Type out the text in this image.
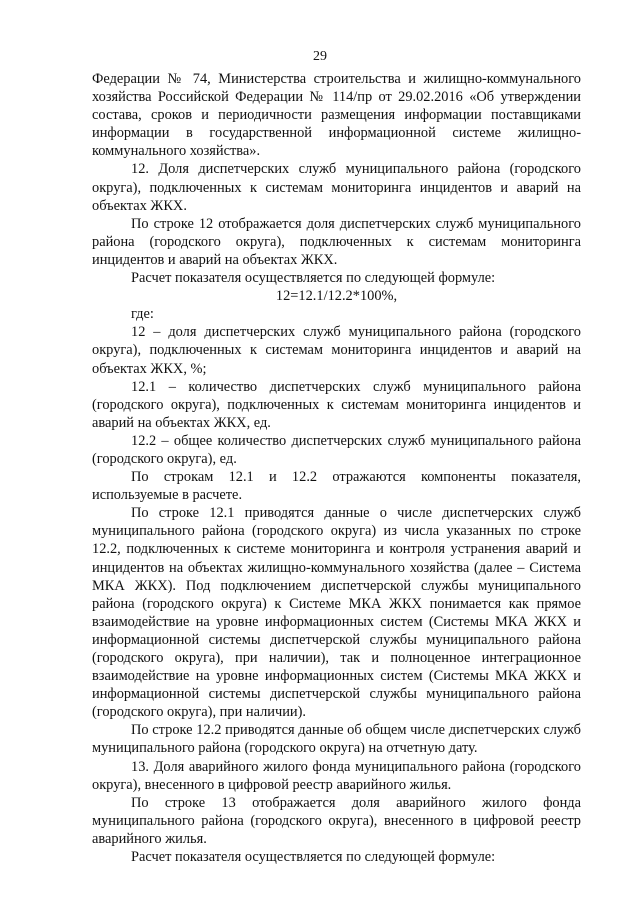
29

Федерации № 74, Министерства строительства и жилищно-коммунального хозяйства Российской Федерации № 114/пр от 29.02.2016 «Об утверждении состава, сроков и периодичности размещения информации поставщиками информации в государственной информационной системе жилищно-коммунального хозяйства».

12. Доля диспетчерских служб муниципального района (городского округа), подключенных к системам мониторинга инцидентов и аварий на объектах ЖКХ.

По строке 12 отображается доля диспетчерских служб муниципального района (городского округа), подключенных к системам мониторинга инцидентов и аварий на объектах ЖКХ.

Расчет показателя осуществляется по следующей формуле:

12=12.1/12.2*100%,

где:

12 – доля диспетчерских служб муниципального района (городского округа), подключенных к системам мониторинга инцидентов и аварий на объектах ЖКХ, %;

12.1 – количество диспетчерских служб муниципального района (городского округа), подключенных к системам мониторинга инцидентов и аварий на объектах ЖКХ, ед.

12.2 – общее количество диспетчерских служб муниципального района (городского округа), ед.

По строкам 12.1 и 12.2 отражаются компоненты показателя, используемые в расчете.

По строке 12.1 приводятся данные о числе диспетчерских служб муниципального района (городского округа) из числа указанных по строке 12.2, подключенных к системе мониторинга и контроля устранения аварий и инцидентов на объектах жилищно-коммунального хозяйства (далее – Система МКА ЖКХ). Под подключением диспетчерской службы муниципального района (городского округа) к Системе МКА ЖКХ понимается как прямое взаимодействие на уровне информационных систем (Системы МКА ЖКХ и информационной системы диспетчерской службы муниципального района (городского округа), при наличии), так и полноценное интеграционное взаимодействие на уровне информационных систем (Системы МКА ЖКХ и информационной системы диспетчерской службы муниципального района (городского округа), при наличии).

По строке 12.2 приводятся данные об общем числе диспетчерских служб муниципального района (городского округа) на отчетную дату.

13. Доля аварийного жилого фонда муниципального района (городского округа), внесенного в цифровой реестр аварийного жилья.

По строке 13 отображается доля аварийного жилого фонда муниципального района (городского округа), внесенного в цифровой реестр аварийного жилья.

Расчет показателя осуществляется по следующей формуле:
